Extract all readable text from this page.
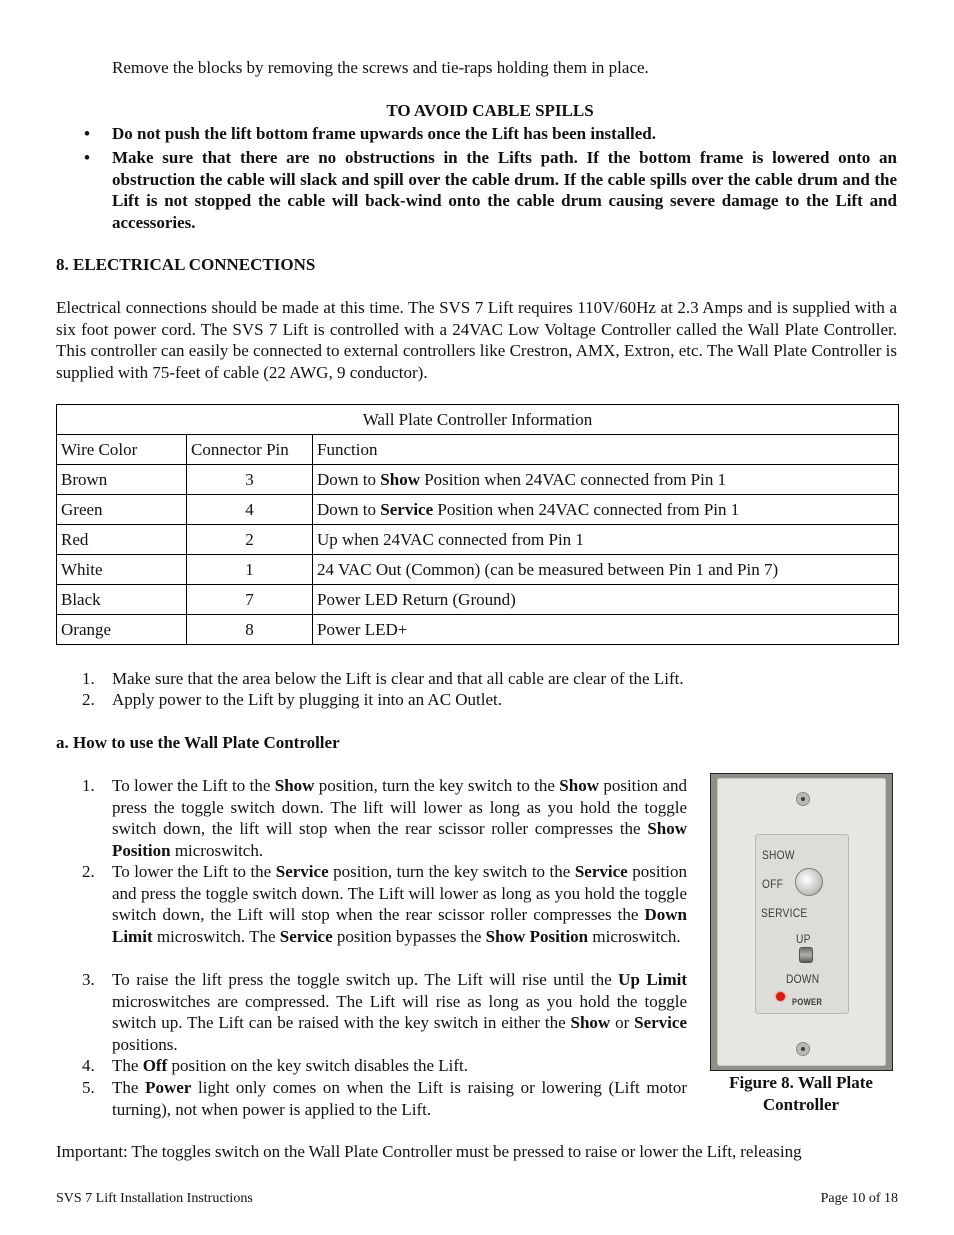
Remove the blocks by removing the screws and tie-raps holding them in place.
TO AVOID CABLE SPILLS
•	Do not push the lift bottom frame upwards once the Lift has been installed.
•	Make sure that there are no obstructions in the Lifts path. If the bottom frame is lowered onto an obstruction the cable will slack and spill over the cable drum. If the cable spills over the cable drum and the Lift is not stopped the cable will back-wind onto the cable drum causing severe damage to the Lift and accessories.
8. ELECTRICAL CONNECTIONS
Electrical connections should be made at this time. The SVS 7 Lift requires 110V/60Hz at 2.3 Amps and is supplied with a six foot power cord. The SVS 7 Lift is controlled with a 24VAC Low Voltage Controller called the Wall Plate Controller. This controller can easily be connected to external controllers like Crestron, AMX, Extron, etc. The Wall Plate Controller is supplied with 75-feet of cable (22 AWG, 9 conductor).
Wall Plate Controller Information		
Wire Color	Connector Pin	Function
Brown	3	Down to Show Position when 24VAC connected from Pin 1
Green	4	Down to Service Position when 24VAC connected from Pin 1
Red	2	Up when 24VAC connected from Pin 1
White	1	24 VAC Out (Common) (can be measured between Pin 1 and Pin 7)
Black	7	Power LED Return (Ground)
Orange	8	Power LED+
1.	Make sure that the area below the Lift is clear and that all cable are clear of the Lift.
2.	Apply power to the Lift by plugging it into an AC Outlet.
a. How to use the Wall Plate Controller
1.	To lower the Lift to the Show position, turn the key switch to the Show position and press the toggle switch down. The lift will lower as long as you hold the toggle switch down, the lift will stop when the rear scissor roller compresses the Show Position microswitch.
2.	To lower the Lift to the Service position, turn the key switch to the Service position and press the toggle switch down. The Lift will lower as long as you hold the toggle switch down, the Lift will stop when the rear scissor roller compresses the Down Limit microswitch. The Service position bypasses the Show Position microswitch.
3.	To raise the lift press the toggle switch up. The Lift will rise until the Up Limit microswitches are compressed. The Lift will rise as long as you hold the toggle switch up. The Lift can be raised with the key switch in either the Show or Service positions.
4.	The Off position on the key switch disables the Lift.
5.	The Power light only comes on when the Lift is raising or lowering (Lift motor turning), not when power is applied to the Lift.
SHOW
OFF
SERVICE
UP
DOWN
POWER
Figure 8. Wall Plate Controller
Important: The toggles switch on the Wall Plate Controller must be pressed to raise or lower the Lift, releasing
SVS 7 Lift Installation Instructions	Page 10 of 18
